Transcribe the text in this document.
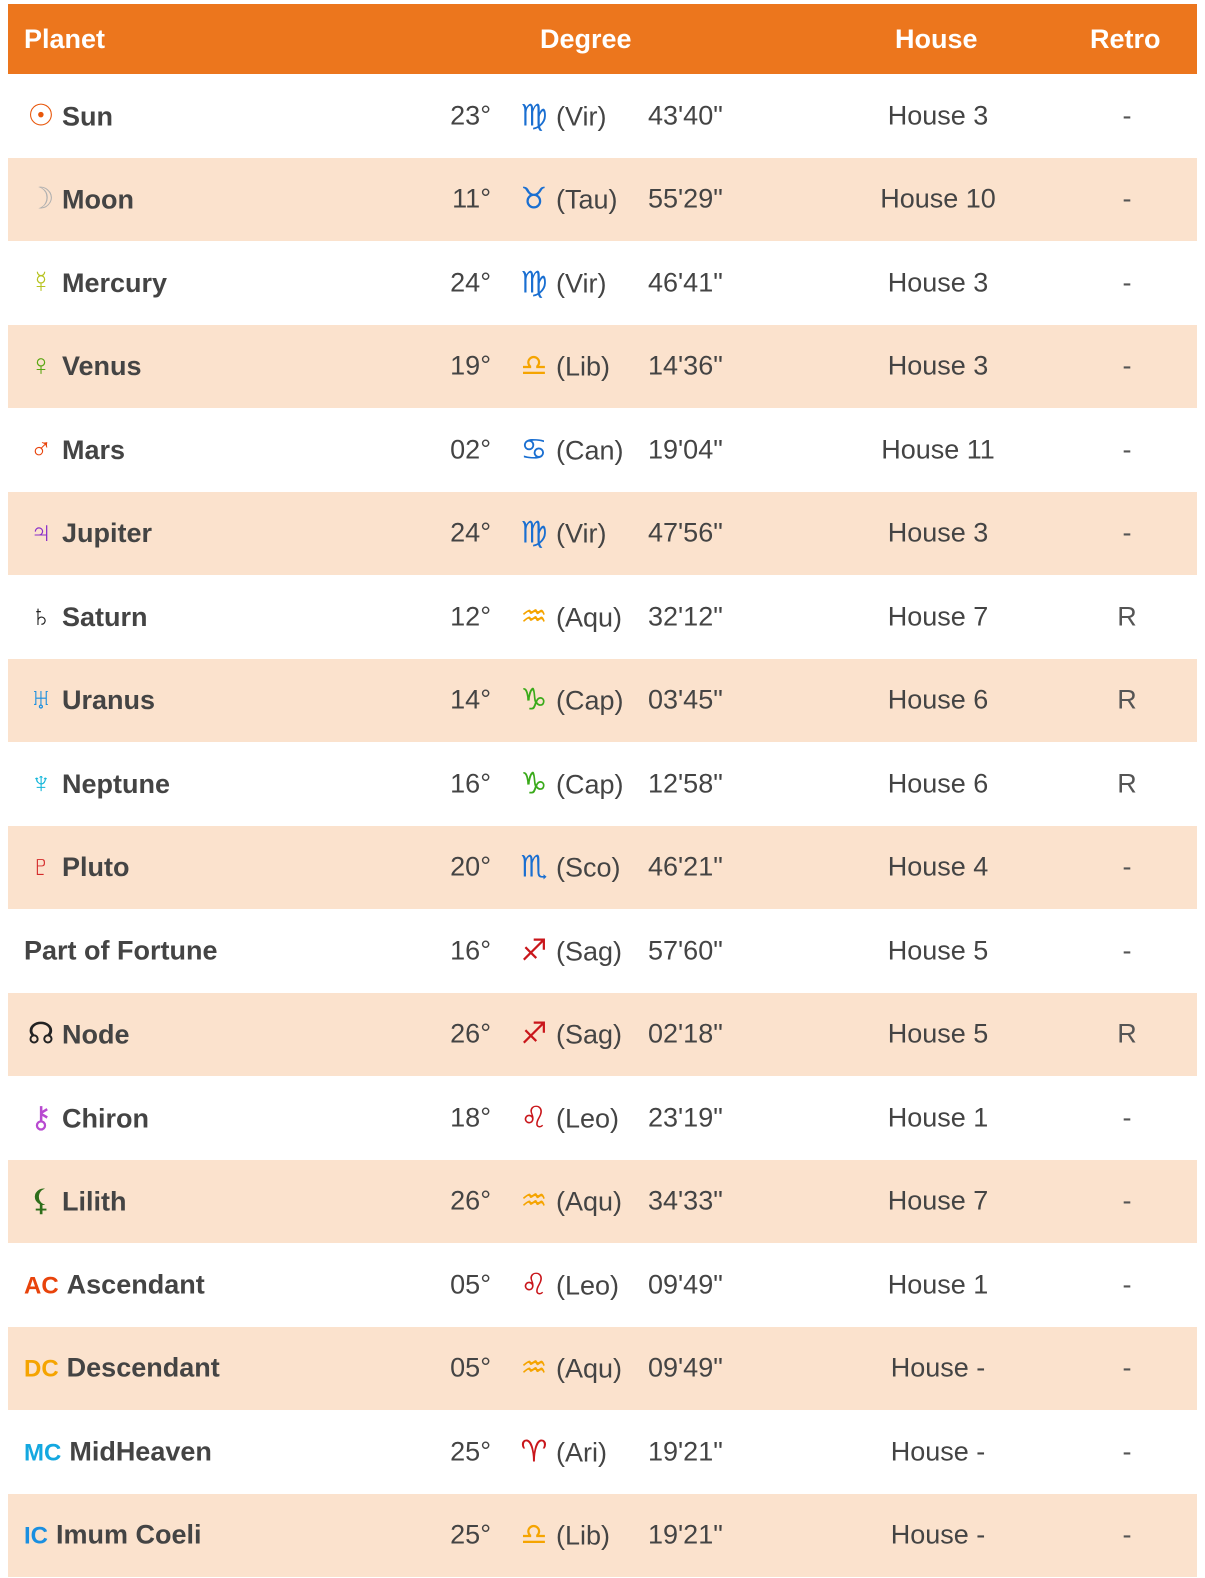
Planet	Degree	House	Retro
☉ Sun	23° ♍ (Vir) 43'40"	House 3	-
☽ Moon	11° ♉ (Tau) 55'29"	House 10	-
☿ Mercury	24° ♍ (Vir) 46'41"	House 3	-
♀ Venus	19° ♎ (Lib) 14'36"	House 3	-
♂ Mars	02° ♋ (Can) 19'04"	House 11	-
♃ Jupiter	24° ♍ (Vir) 47'56"	House 3	-
♄ Saturn	12° ♒ (Aqu) 32'12"	House 7	R
♅ Uranus	14° ♑ (Cap) 03'45"	House 6	R
♆ Neptune	16° ♑ (Cap) 12'58"	House 6	R
♇ Pluto	20° ♏ (Sco) 46'21"	House 4	-
Part of Fortune	16° ♐ (Sag) 57'60"	House 5	-
☊ Node	26° ♐ (Sag) 02'18"	House 5	R
⚷ Chiron	18° ♌ (Leo) 23'19"	House 1	-
⚸ Lilith	26° ♒ (Aqu) 34'33"	House 7	-
AC Ascendant	05° ♌ (Leo) 09'49"	House 1	-
DC Descendant	05° ♒ (Aqu) 09'49"	House -	-
MC MidHeaven	25° ♈ (Ari) 19'21"	House -	-
IC Imum Coeli	25° ♎ (Lib) 19'21"	House -	-
